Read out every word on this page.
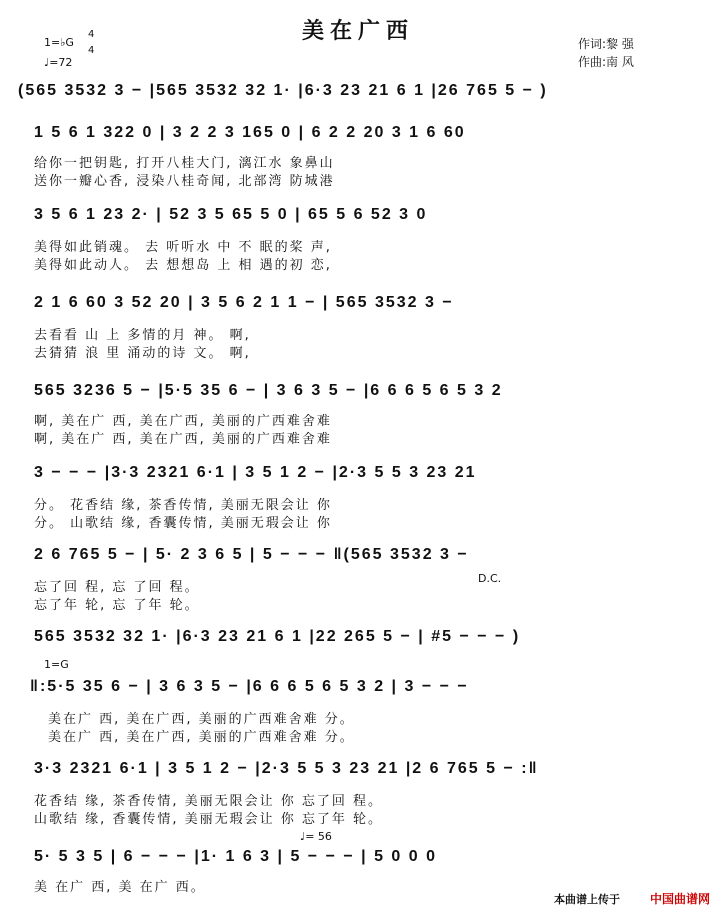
1=♭G
4
4
♩=72
美在广西	作词:黎 强
作曲:南 风
(565 3532 3 − |565 3532 32 1· |6·3 23 21 6 1 |26 765 5 − )
1 5 6 1 322 0 | 3 2 2 3 165 0 | 6 2 2 20 3 1 6 60
给你一把钥匙, 打开八桂大门, 漓江水 象鼻山
送你一瓣心香, 浸染八桂奇闻, 北部湾 防城港
3 5 6 1 23 2· | 52 3 5 65 5 0 | 65 5 6 52 3 0
美得如此销魂。 去 听听水 中 不 眠的桨 声,
美得如此动人。 去 想想岛 上 相 遇的初 恋,
2 1 6 60 3 52 20 | 3 5 6 2 1 1 − | 565 3532 3 −
去看看 山 上 多情的月 神。 啊,
去猜猜 浪 里 涌动的诗 文。 啊,
565 3236 5 − |5·5 35 6 − | 3 6 3 5 − |6 6 6 5 6 5 3 2
啊, 美在广 西, 美在广西, 美丽的广西难舍难
啊, 美在广 西, 美在广西, 美丽的广西难舍难
3 − − − |3·3 2321 6·1 | 3 5 1 2 − |2·3 5 5 3 23 21
分。 花香结 缘, 茶香传情, 美丽无限会让 你
分。 山歌结 缘, 香囊传情, 美丽无瑕会让 你
2 6 765 5 − | 5· 2 3 6 5 | 5 − − − ‖(565 3532 3 −
忘了回 程, 忘 了回 程。
忘了年 轮, 忘 了年 轮。
D.C.
565 3532 32 1· |6·3 23 21 6 1 |22 265 5 − | #5 − − − )
1=G
‖:5·5 35 6 − | 3 6 3 5 − |6 6 6 5 6 5 3 2 | 3 − − −
美在广 西, 美在广西, 美丽的广西难舍难 分。
美在广 西, 美在广西, 美丽的广西难舍难 分。
3·3 2321 6·1 | 3 5 1 2 − |2·3 5 5 3 23 21 |2 6 765 5 − :‖
花香结 缘, 茶香传情, 美丽无限会让 你 忘了回 程。
山歌结 缘, 香囊传情, 美丽无瑕会让 你 忘了年 轮。
♩= 56
5· 5 3 5 | 6 − − − |1· 1 6 3 | 5 − − − | 5 0 0 0
美 在广 西, 美 在广 西。
本曲谱上传于 中国曲谱网
